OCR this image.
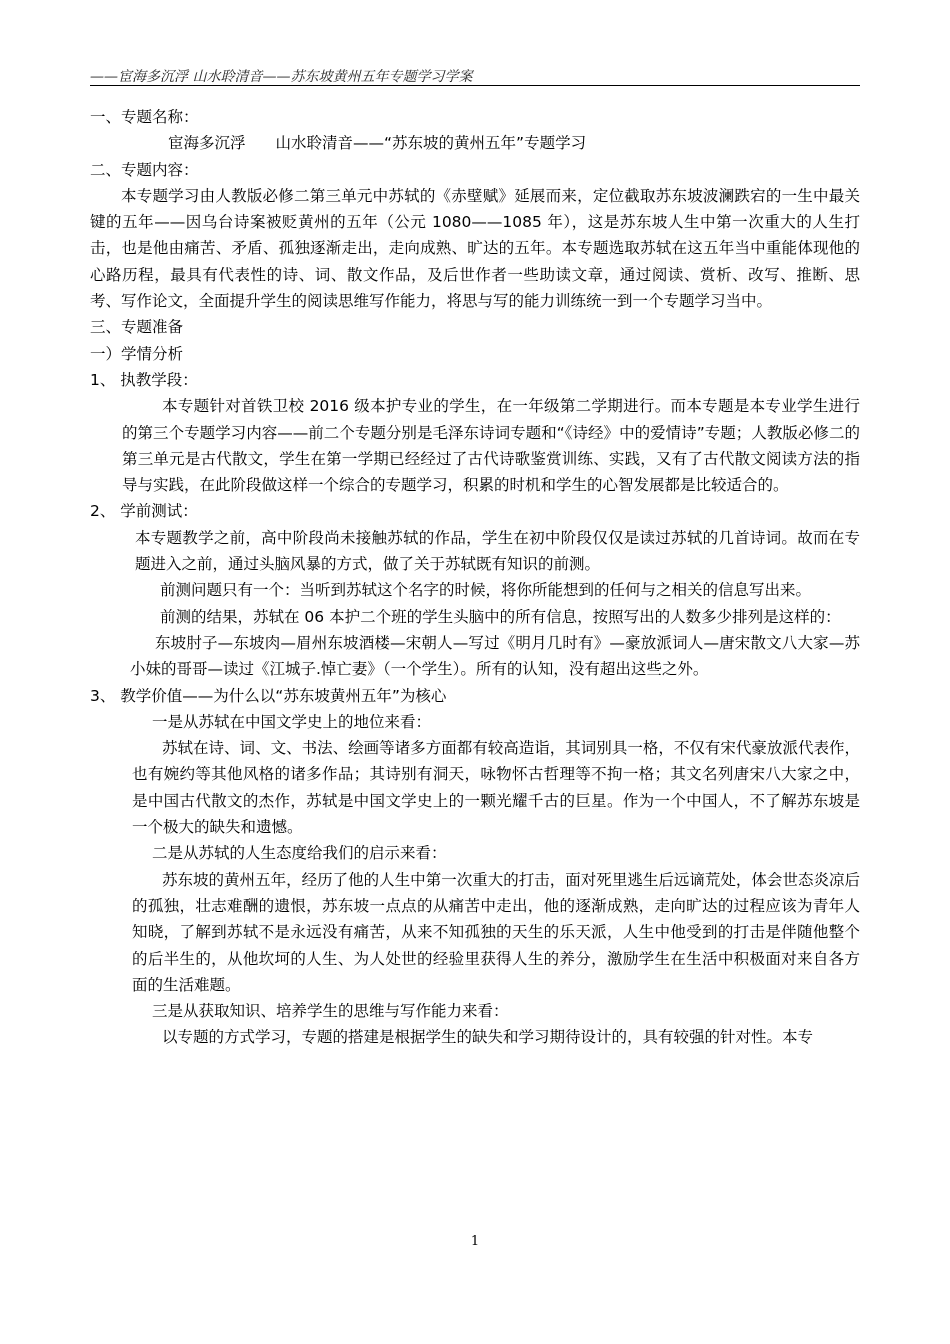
——宦海多沉浮 山水聆清音——苏东坡黄州五年专题学习学案

一、专题名称：

宦海多沉浮 山水聆清音——“苏东坡的黄州五年”专题学习

二、专题内容：

本专题学习由人教版必修二第三单元中苏轼的《赤壁赋》延展而来，定位截取苏东坡波澜跌宕的一生中最关键的五年——因乌台诗案被贬黄州的五年（公元 1080——1085 年），这是苏东坡人生中第一次重大的人生打击，也是他由痛苦、矛盾、孤独逐渐走出，走向成熟、旷达的五年。本专题选取苏轼在这五年当中重能体现他的心路历程，最具有代表性的诗、词、散文作品，及后世作者一些助读文章，通过阅读、赏析、改写、推断、思考、写作论文，全面提升学生的阅读思维写作能力，将思与写的能力训练统一到一个专题学习当中。

三、专题准备

一）学情分析

1、 执教学段：

本专题针对首铁卫校 2016 级本护专业的学生，在一年级第二学期进行。而本专题是本专业学生进行的第三个专题学习内容——前二个专题分别是毛泽东诗词专题和“《诗经》中的爱情诗”专题；人教版必修二的第三单元是古代散文，学生在第一学期已经经过了古代诗歌鉴赏训练、实践，又有了古代散文阅读方法的指导与实践，在此阶段做这样一个综合的专题学习，积累的时机和学生的心智发展都是比较适合的。

2、 学前测试：

本专题教学之前，高中阶段尚未接触苏轼的作品，学生在初中阶段仅仅是读过苏轼的几首诗词。故而在专题进入之前，通过头脑风暴的方式，做了关于苏轼既有知识的前测。

前测问题只有一个：当听到苏轼这个名字的时候，将你所能想到的任何与之相关的信息写出来。

前测的结果，苏轼在 06 本护二个班的学生头脑中的所有信息，按照写出的人数多少排列是这样的：

东坡肘子—东坡肉—眉州东坡酒楼—宋朝人—写过《明月几时有》—豪放派词人—唐宋散文八大家—苏小妹的哥哥—读过《江城子.悼亡妻》（一个学生）。所有的认知，没有超出这些之外。

3、 教学价值——为什么以“苏东坡黄州五年”为核心

一是从苏轼在中国文学史上的地位来看：

苏轼在诗、词、文、书法、绘画等诸多方面都有较高造诣，其词别具一格，不仅有宋代豪放派代表作，也有婉约等其他风格的诸多作品；其诗别有洞天，咏物怀古哲理等不拘一格；其文名列唐宋八大家之中，是中国古代散文的杰作，苏轼是中国文学史上的一颗光耀千古的巨星。作为一个中国人，不了解苏东坡是一个极大的缺失和遗憾。

二是从苏轼的人生态度给我们的启示来看：

苏东坡的黄州五年，经历了他的人生中第一次重大的打击，面对死里逃生后远谪荒处，体会世态炎凉后的孤独，壮志难酬的遗恨，苏东坡一点点的从痛苦中走出，他的逐渐成熟，走向旷达的过程应该为青年人知晓，了解到苏轼不是永远没有痛苦，从来不知孤独的天生的乐天派，人生中他受到的打击是伴随他整个的后半生的，从他坎坷的人生、为人处世的经验里获得人生的养分，激励学生在生活中积极面对来自各方面的生活难题。

三是从获取知识、培养学生的思维与写作能力来看：

以专题的方式学习，专题的搭建是根据学生的缺失和学习期待设计的，具有较强的针对性。本专

1
